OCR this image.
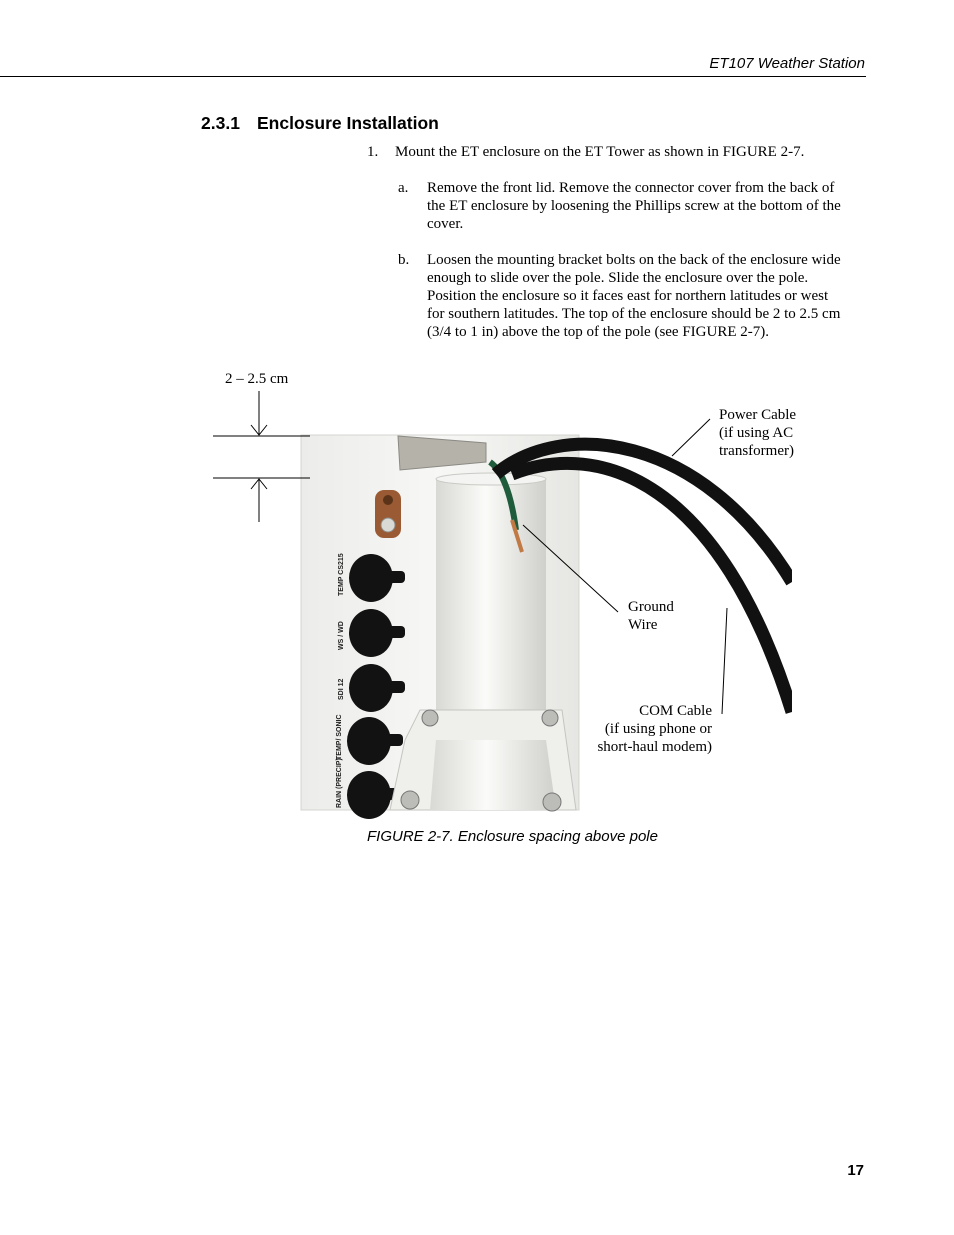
ET107 Weather Station
2.3.1 Enclosure Installation
1. Mount the ET enclosure on the ET Tower as shown in FIGURE 2-7.
a. Remove the front lid. Remove the connector cover from the back of
the ET enclosure by loosening the Phillips screw at the bottom of the
cover.
b. Loosen the mounting bracket bolts on the back of the enclosure wide
enough to slide over the pole. Slide the enclosure over the pole.
Position the enclosure so it faces east for northern latitudes or west
for southern latitudes. The top of the enclosure should be 2 to 2.5 cm
(3/4 to 1 in) above the top of the pole (see FIGURE 2-7).
TEMP CS215
WS / WD
SDI 12
TEMP/ SONIC
RAIN (PRECIP)
2 – 2.5 cm
Power Cable
(if using AC
transformer)
Ground
Wire
COM Cable
(if using phone or
short-haul modem)
FIGURE 2-7. Enclosure spacing above pole
17
